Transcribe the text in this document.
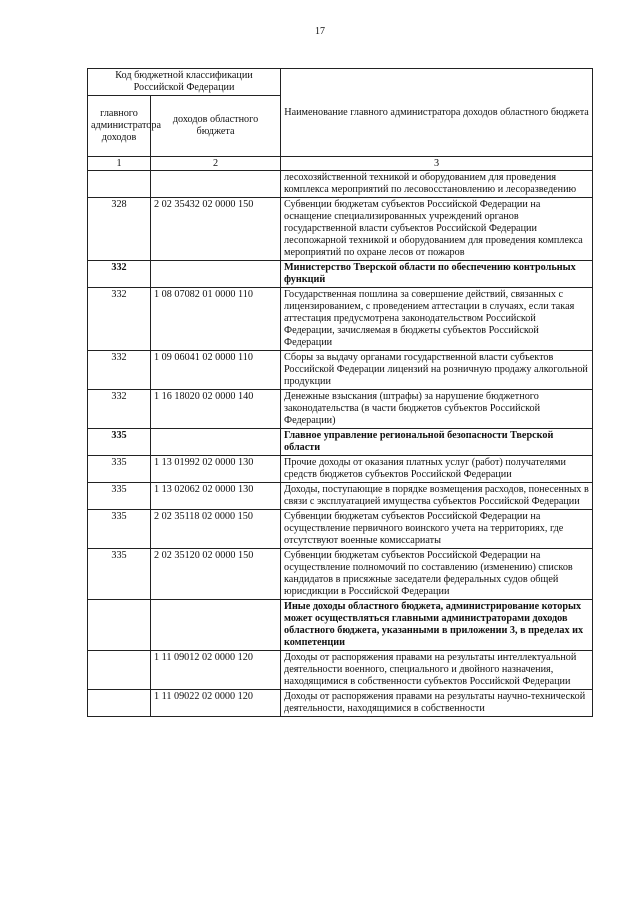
17
Код бюджетной классификации Российской Федерации		Наименование главного администратора доходов областного бюджета
главного администратора доходов	доходов областного бюджета	
1	2	3
		лесохозяйственной техникой и оборудованием для проведения комплекса мероприятий по лесовосстановлению и лесоразведению
328	2 02 35432 02 0000 150	Субвенции бюджетам субъектов Российской Федерации на оснащение специализированных учреждений органов государственной власти субъектов Российской Федерации лесопожарной техникой и оборудованием для проведения комплекса мероприятий по охране лесов от пожаров
332		Министерство Тверской области по обеспечению контрольных функций
332	1 08 07082 01 0000 110	Государственная пошлина за совершение действий, связанных с лицензированием, с проведением аттестации в случаях, если такая аттестация предусмотрена законодательством Российской Федерации, зачисляемая в бюджеты субъектов Российской Федерации
332	1 09 06041 02 0000 110	Сборы за выдачу органами государственной власти субъектов Российской Федерации лицензий на розничную продажу алкогольной продукции
332	1 16 18020 02 0000 140	Денежные взыскания (штрафы) за нарушение бюджетного законодательства (в части бюджетов субъектов Российской Федерации)
335		Главное управление региональной безопасности Тверской области
335	1 13 01992 02 0000 130	Прочие доходы от оказания платных услуг (работ) получателями средств бюджетов субъектов Российской Федерации
335	1 13 02062 02 0000 130	Доходы, поступающие в порядке возмещения расходов, понесенных в связи с эксплуатацией имущества субъектов Российской Федерации
335	2 02 35118 02 0000 150	Субвенции бюджетам субъектов Российской Федерации на осуществление первичного воинского учета на территориях, где отсутствуют военные комиссариаты
335	2 02 35120 02 0000 150	Субвенции бюджетам субъектов Российской Федерации на осуществление полномочий по составлению (изменению) списков кандидатов в присяжные заседатели федеральных судов общей юрисдикции в Российской Федерации
		Иные доходы областного бюджета, администрирование которых может осуществляться главными администраторами доходов областного бюджета, указанными в приложении 3, в пределах их компетенции
	1 11 09012 02 0000 120	Доходы от распоряжения правами на результаты интеллектуальной деятельности военного, специального и двойного назначения, находящимися в собственности субъектов Российской Федерации
	1 11 09022 02 0000 120	Доходы от распоряжения правами на результаты научно-технической деятельности, находящимися в собственности
